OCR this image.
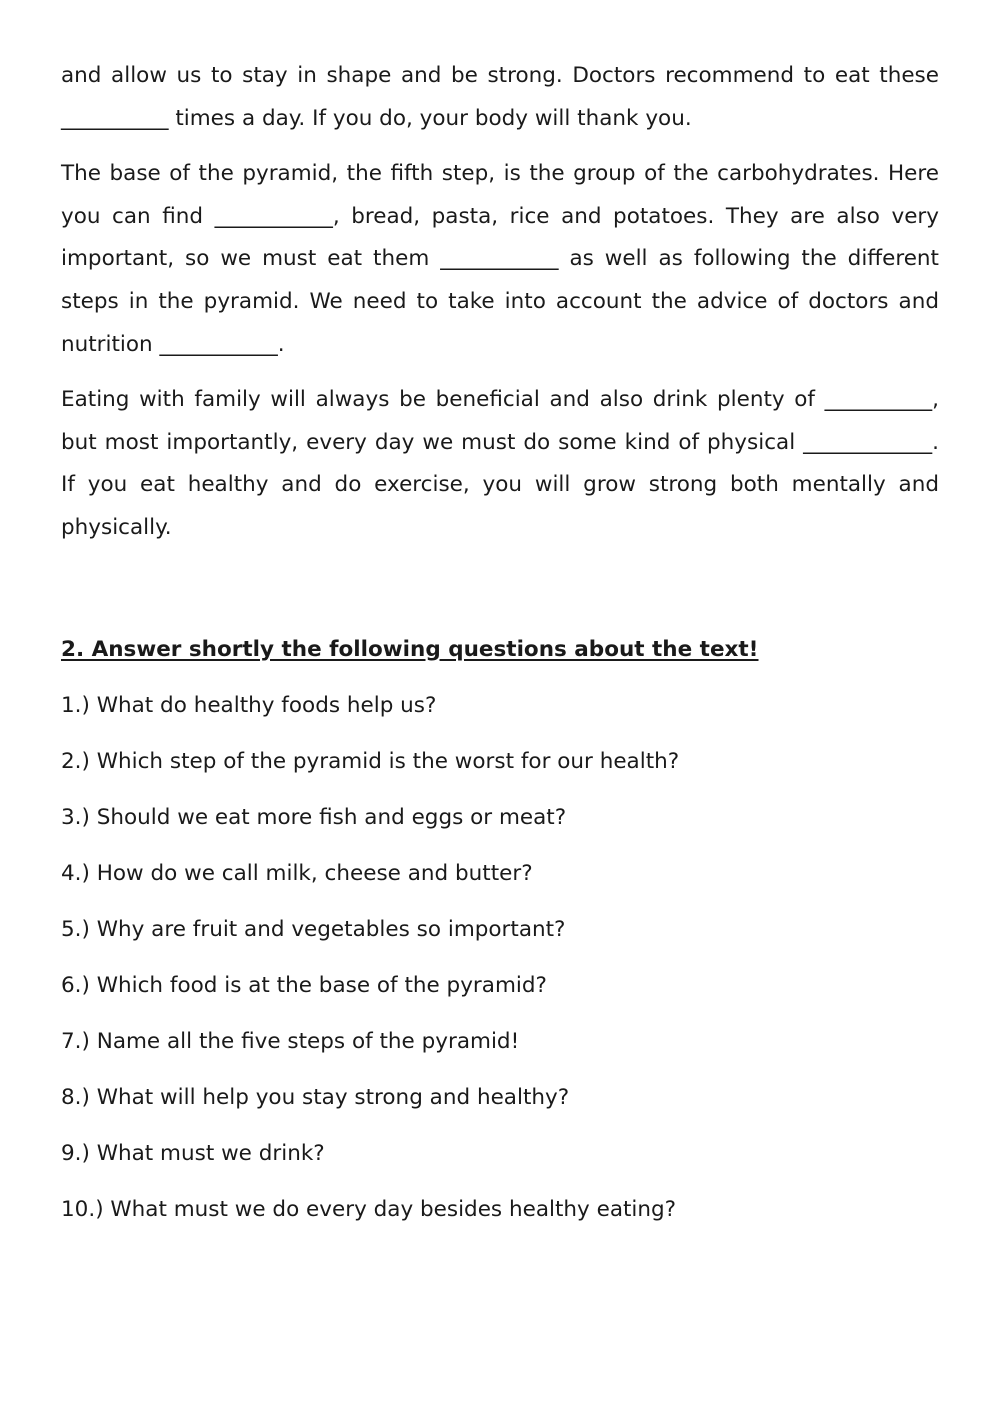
and allow us to stay in shape and be strong. Doctors recommend to eat these __________ times a day. If you do, your body will thank you.

The base of the pyramid, the fifth step, is the group of the carbohydrates. Here you can find ___________, bread, pasta, rice and potatoes. They are also very important, so we must eat them ___________ as well as following the different steps in the pyramid. We need to take into account the advice of doctors and nutrition ___________.

Eating with family will always be beneficial and also drink plenty of __________, but most importantly, every day we must do some kind of physical ____________. If you eat healthy and do exercise, you will grow strong both mentally and physically.

2. Answer shortly the following questions about the text!
1.) What do healthy foods help us?
2.) Which step of the pyramid is the worst for our health?
3.) Should we eat more fish and eggs or meat?
4.) How do we call milk, cheese and butter?
5.) Why are fruit and vegetables so important?
6.) Which food is at the base of the pyramid?
7.) Name all the five steps of the pyramid!
8.) What will help you stay strong and healthy?
9.) What must we drink?
10.) What must we do every day besides healthy eating?
